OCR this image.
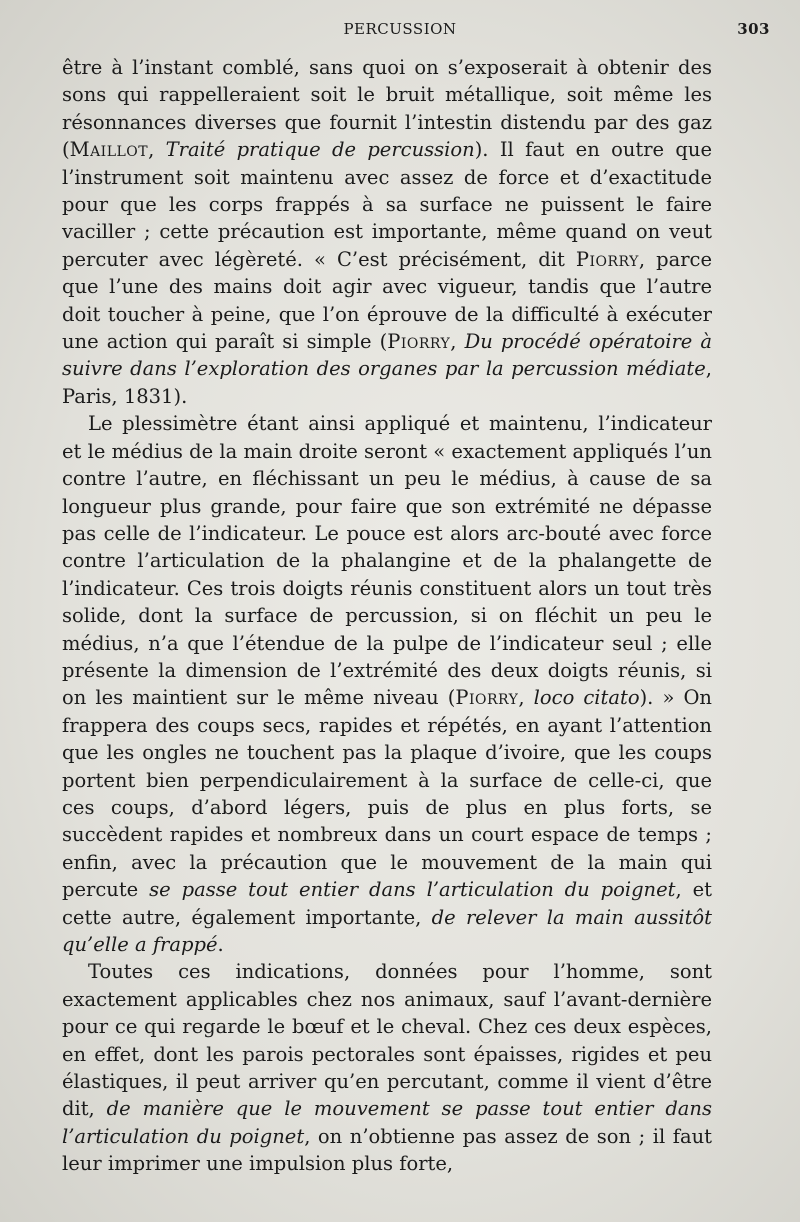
PERCUSSION	303

être à l’instant comblé, sans quoi on s’exposerait à obtenir des sons qui rappelleraient soit le bruit métallique, soit même les résonnances diverses que fournit l’intestin distendu par des gaz (Maillot, Traité pratique de percussion). Il faut en outre que l’instrument soit maintenu avec assez de force et d’exactitude pour que les corps frappés à sa surface ne puissent le faire vaciller ; cette précaution est importante, même quand on veut percuter avec légèreté. « C’est précisément, dit Piorry, parce que l’une des mains doit agir avec vigueur, tandis que l’autre doit toucher à peine, que l’on éprouve de la difficulté à exécuter une action qui paraît si simple (Piorry, Du procédé opératoire à suivre dans l’exploration des organes par la percussion médiate, Paris, 1831).

Le plessimètre étant ainsi appliqué et maintenu, l’indicateur et le médius de la main droite seront « exactement appliqués l’un contre l’autre, en fléchissant un peu le médius, à cause de sa longueur plus grande, pour faire que son extrémité ne dépasse pas celle de l’indicateur. Le pouce est alors arc-bouté avec force contre l’articulation de la phalangine et de la phalangette de l’indicateur. Ces trois doigts réunis constituent alors un tout très solide, dont la surface de percussion, si on fléchit un peu le médius, n’a que l’étendue de la pulpe de l’indicateur seul ; elle présente la dimension de l’extrémité des deux doigts réunis, si on les maintient sur le même niveau (Piorry, loco citato). » On frappera des coups secs, rapides et répétés, en ayant l’attention que les ongles ne touchent pas la plaque d’ivoire, que les coups portent bien perpendiculairement à la surface de celle-ci, que ces coups, d’abord légers, puis de plus en plus forts, se succèdent rapides et nombreux dans un court espace de temps ; enfin, avec la précaution que le mouvement de la main qui percute se passe tout entier dans l’articulation du poignet, et cette autre, également importante, de relever la main aussitôt qu’elle a frappé.

Toutes ces indications, données pour l’homme, sont exactement applicables chez nos animaux, sauf l’avant-dernière pour ce qui regarde le bœuf et le cheval. Chez ces deux espèces, en effet, dont les parois pectorales sont épaisses, rigides et peu élastiques, il peut arriver qu’en percutant, comme il vient d’être dit, de manière que le mouvement se passe tout entier dans l’articulation du poignet, on n’obtienne pas assez de son ; il faut leur imprimer une impulsion plus forte,
